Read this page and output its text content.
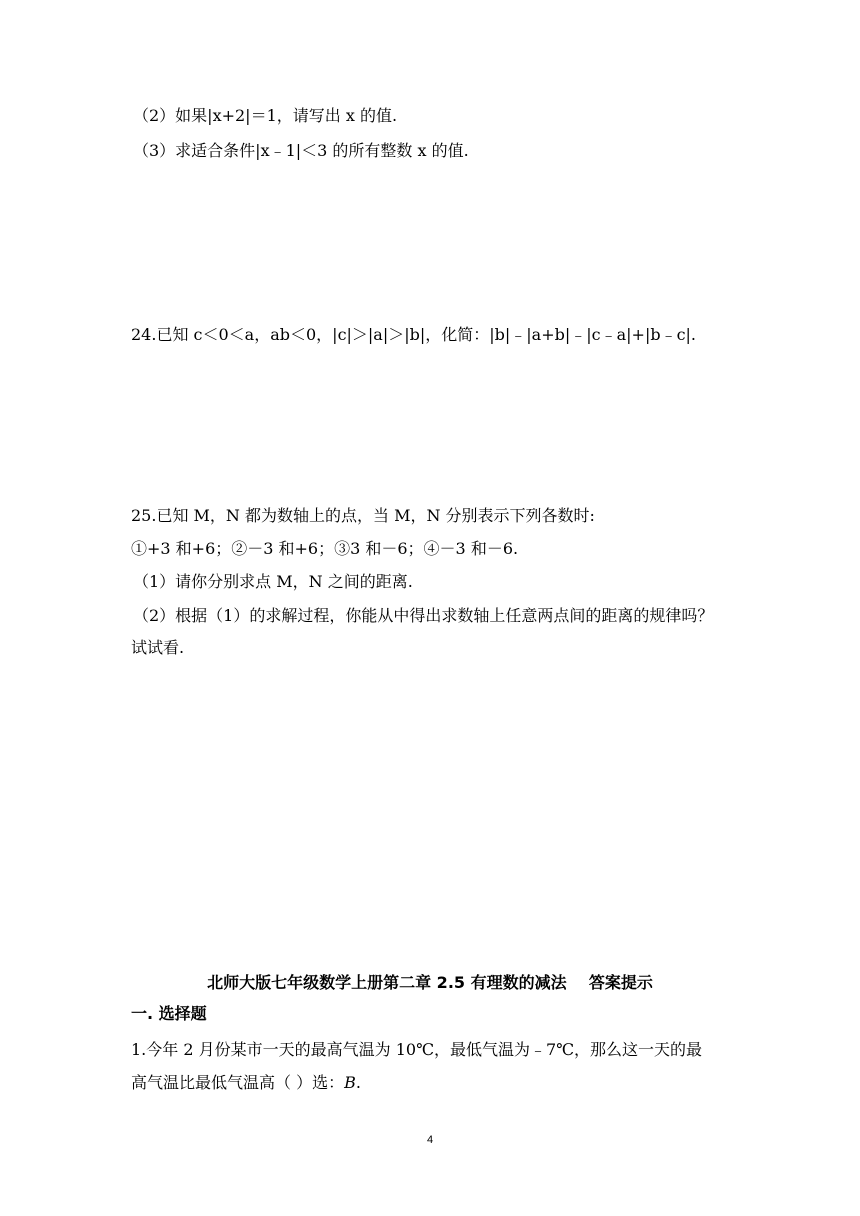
（2）如果|x+2|＝1，请写出 x 的值.
（3）求适合条件|x﹣1|＜3 的所有整数 x 的值.
24.已知 c＜0＜a，ab＜0，|c|＞|a|＞|b|，化简：|b|﹣|a+b|﹣|c﹣a|+|b﹣c|.
25.已知 M，N 都为数轴上的点，当 M，N 分别表示下列各数时:
①+3 和+6；②－3 和+6；③3 和－6；④－3 和－6.
（1）请你分别求点 M，N 之间的距离.
（2）根据（1）的求解过程，你能从中得出求数轴上任意两点间的距离的规律吗？
试试看.
北师大版七年级数学上册第二章 2.5 有理数的减法    答案提示
一. 选择题
1.今年 2 月份某市一天的最高气温为 10℃，最低气温为﹣7℃，那么这一天的最
高气温比最低气温高（ ）选：B.
4
